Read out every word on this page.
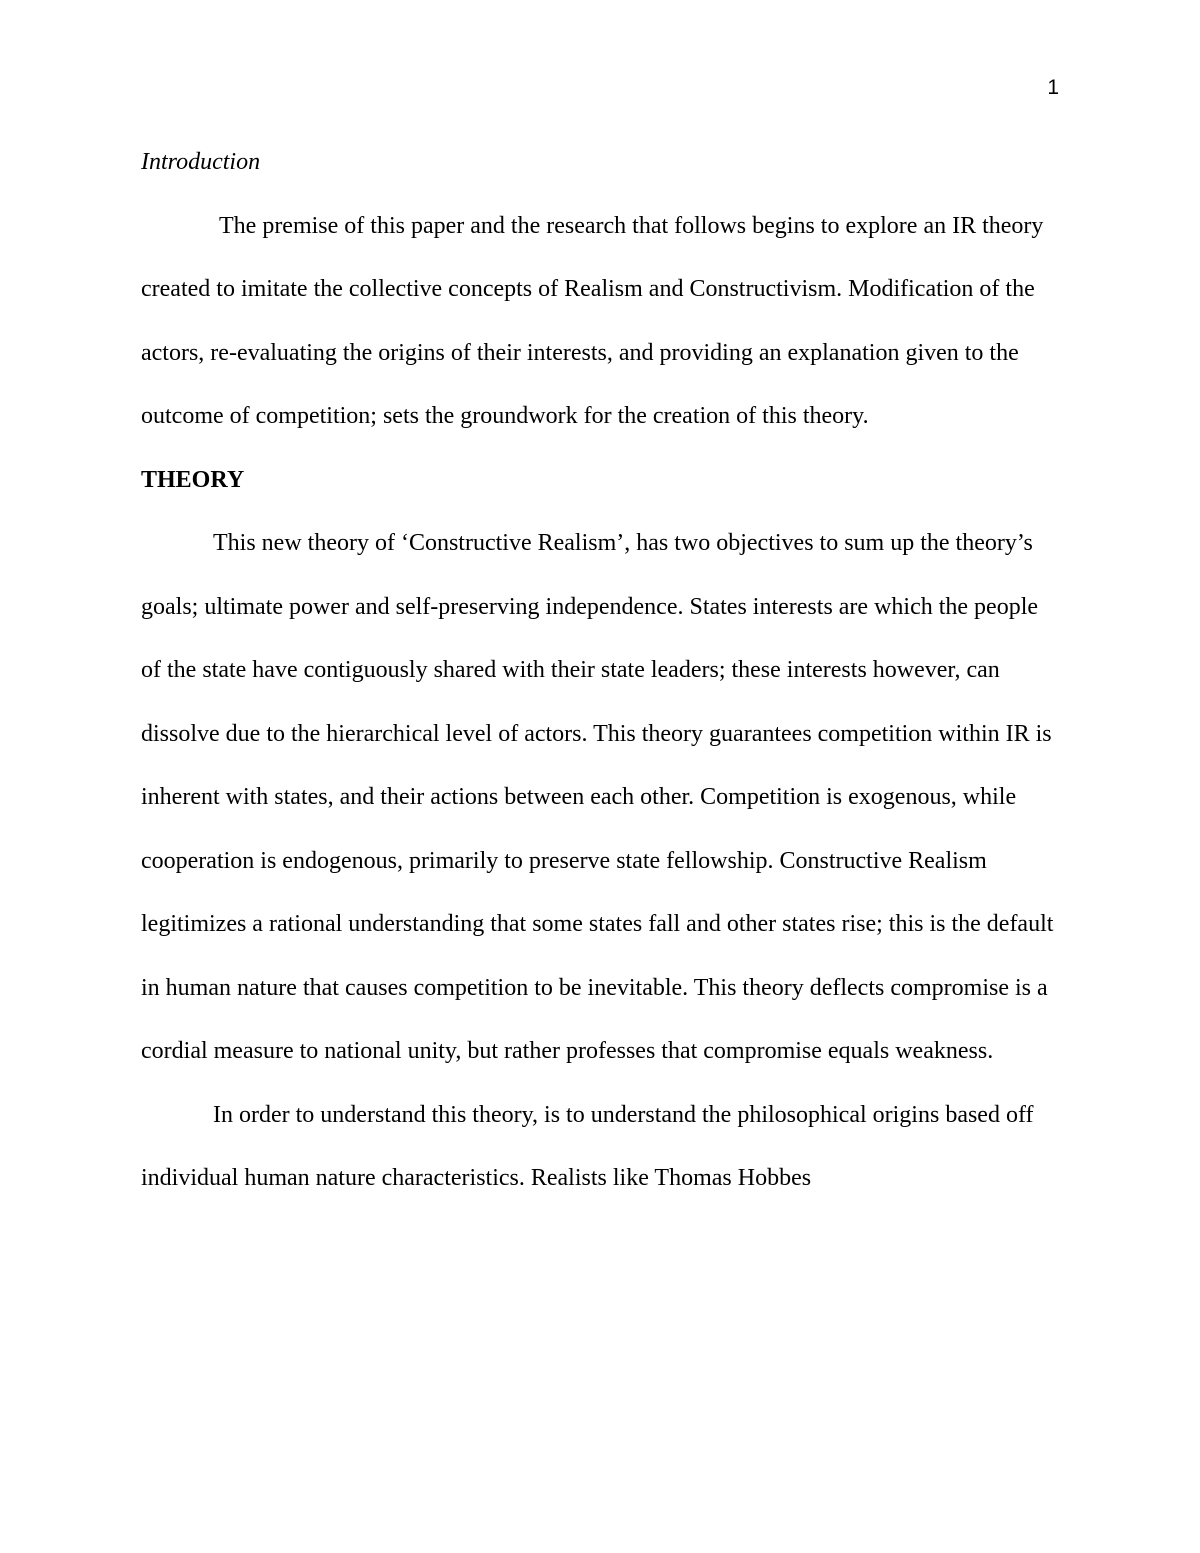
1

Introduction

The premise of this paper and the research that follows begins to explore an IR theory created to imitate the collective concepts of Realism and Constructivism. Modification of the actors, re-evaluating the origins of their interests, and providing an explanation given to the outcome of competition; sets the groundwork for the creation of this theory.

THEORY

This new theory of ‘Constructive Realism’, has two objectives to sum up the theory’s goals; ultimate power and self-preserving independence. States interests are which the people of the state have contiguously shared with their state leaders; these interests however, can dissolve due to the hierarchical level of actors. This theory guarantees competition within IR is inherent with states, and their actions between each other. Competition is exogenous, while cooperation is endogenous, primarily to preserve state fellowship. Constructive Realism legitimizes a rational understanding that some states fall and other states rise; this is the default in human nature that causes competition to be inevitable. This theory deflects compromise is a cordial measure to national unity, but rather professes that compromise equals weakness.

In order to understand this theory, is to understand the philosophical origins based off individual human nature characteristics. Realists like Thomas Hobbes
